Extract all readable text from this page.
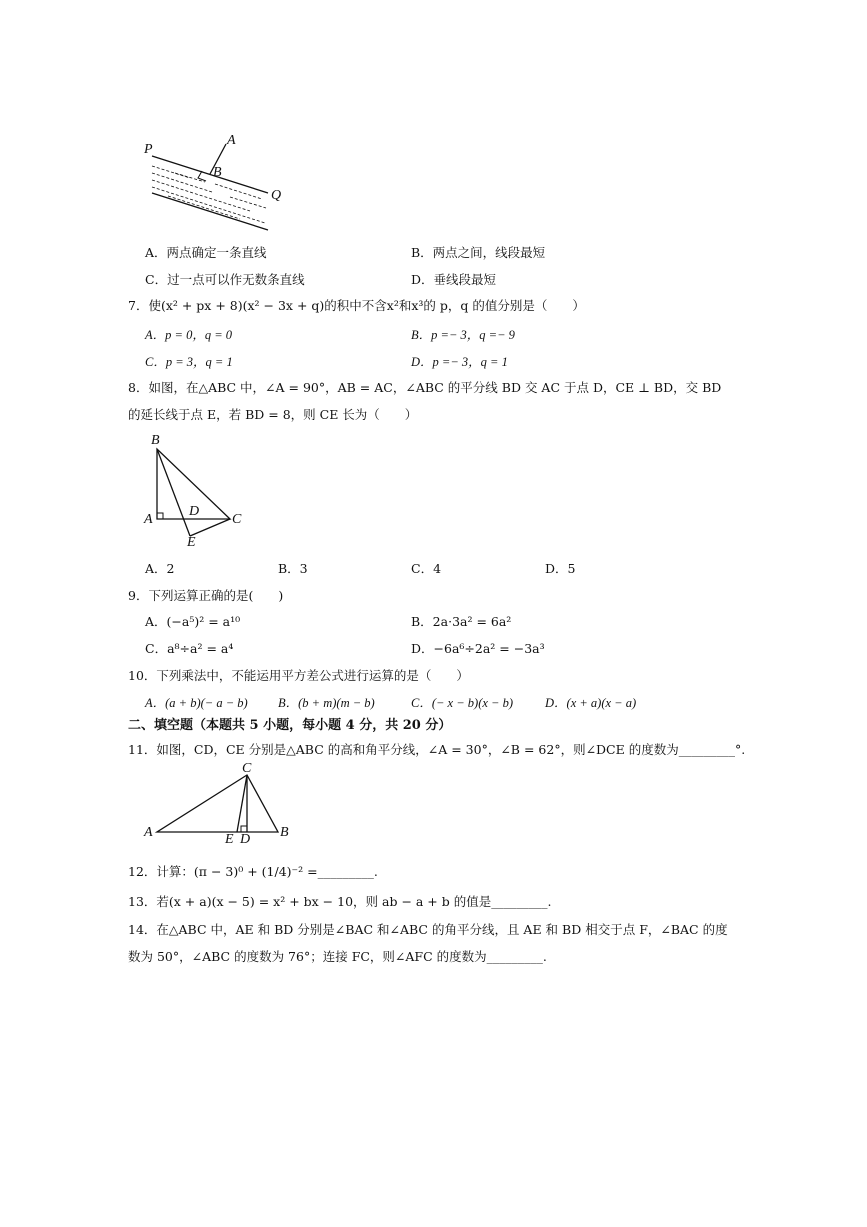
P
A
B
Q
A．两点确定一条直线	B．两点之间，线段最短
C．过一点可以作无数条直线	D．垂线段最短
7．使(x² + px + 8)(x² − 3x + q)的积中不含x²和x³的 p，q 的值分别是（　　）
A．p = 0，q = 0	B．p =− 3，q =− 9
C．p = 3，q = 1	D．p =− 3，q = 1
8．如图，在△ABC 中，∠A = 90°，AB = AC，∠ABC 的平分线 BD 交 AC 于点 D，CE ⊥ BD，交 BD
的延长线于点 E，若 BD = 8，则 CE 长为（　　）
B
A
D
C
E
A．2	B．3	C．4	D．5
9．下列运算正确的是(　　)
A．(−a⁵)² = a¹⁰	B．2a·3a² = 6a²
C．a⁸÷a² = a⁴	D．−6a⁶÷2a² = −3a³
10．下列乘法中，不能运用平方差公式进行运算的是（　　）
A．(a + b)(− a − b) B．(b + m)(m − b)	C．(− x − b)(x − b)	D．(x + a)(x − a)
二、填空题（本题共 5 小题，每小题 4 分，共 20 分）
11．如图，CD，CE 分别是△ABC 的高和角平分线，∠A = 30°，∠B = 62°，则∠DCE 的度数为_________°.
C
A	E D B
12．计算：(π − 3)⁰ + (1/4)⁻² =_________.
13．若(x + a)(x − 5) = x² + bx − 10，则 ab − a + b 的值是_________.
14．在△ABC 中，AE 和 BD 分别是∠BAC 和∠ABC 的角平分线，且 AE 和 BD 相交于点 F，∠BAC 的度
数为 50°，∠ABC 的度数为 76°；连接 FC，则∠AFC 的度数为_________.
